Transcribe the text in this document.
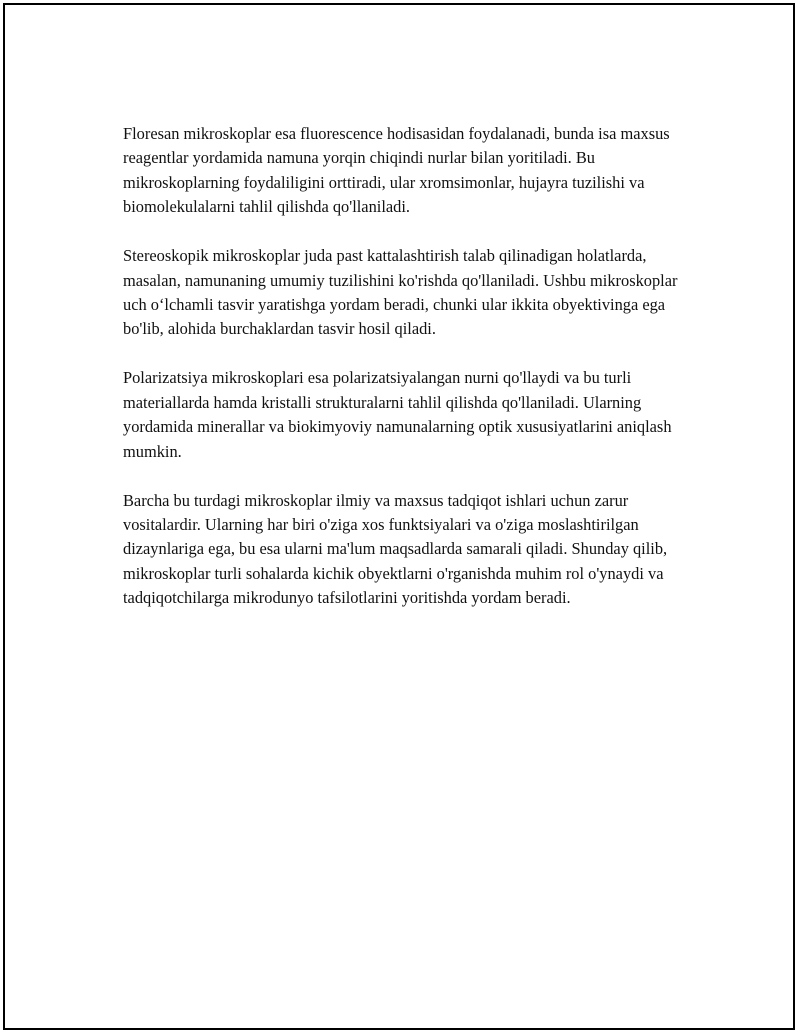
Floresan mikroskoplar esa fluorescence hodisasidan foydalanadi, bunda isa maxsus reagentlar yordamida namuna yorqin chiqindi nurlar bilan yoritiladi. Bu mikroskoplarning foydaliligini orttiradi, ular xromsimonlar, hujayra tuzilishi va biomolekulalarni tahlil qilishda qo'llaniladi.

Stereoskopik mikroskoplar juda past kattalashtirish talab qilinadigan holatlarda, masalan, namunaning umumiy tuzilishini ko'rishda qo'llaniladi. Ushbu mikroskoplar uch oʻlchamli tasvir yaratishga yordam beradi, chunki ular ikkita obyektivinga ega bo'lib, alohida burchaklardan tasvir hosil qiladi.

Polarizatsiya mikroskoplari esa polarizatsiyalangan nurni qo'llaydi va bu turli materiallarda hamda kristalli strukturalarni tahlil qilishda qo'llaniladi. Ularning yordamida minerallar va biokimyoviy namunalarning optik xususiyatlarini aniqlash mumkin.

Barcha bu turdagi mikroskoplar ilmiy va maxsus tadqiqot ishlari uchun zarur vositalardir. Ularning har biri o'ziga xos funktsiyalari va o'ziga moslashtirilgan dizaynlariga ega, bu esa ularni ma'lum maqsadlarda samarali qiladi. Shunday qilib, mikroskoplar turli sohalarda kichik obyektlarni o'rganishda muhim rol o'ynaydi va tadqiqotchilarga mikrodunyo tafsilotlarini yoritishda yordam beradi.
